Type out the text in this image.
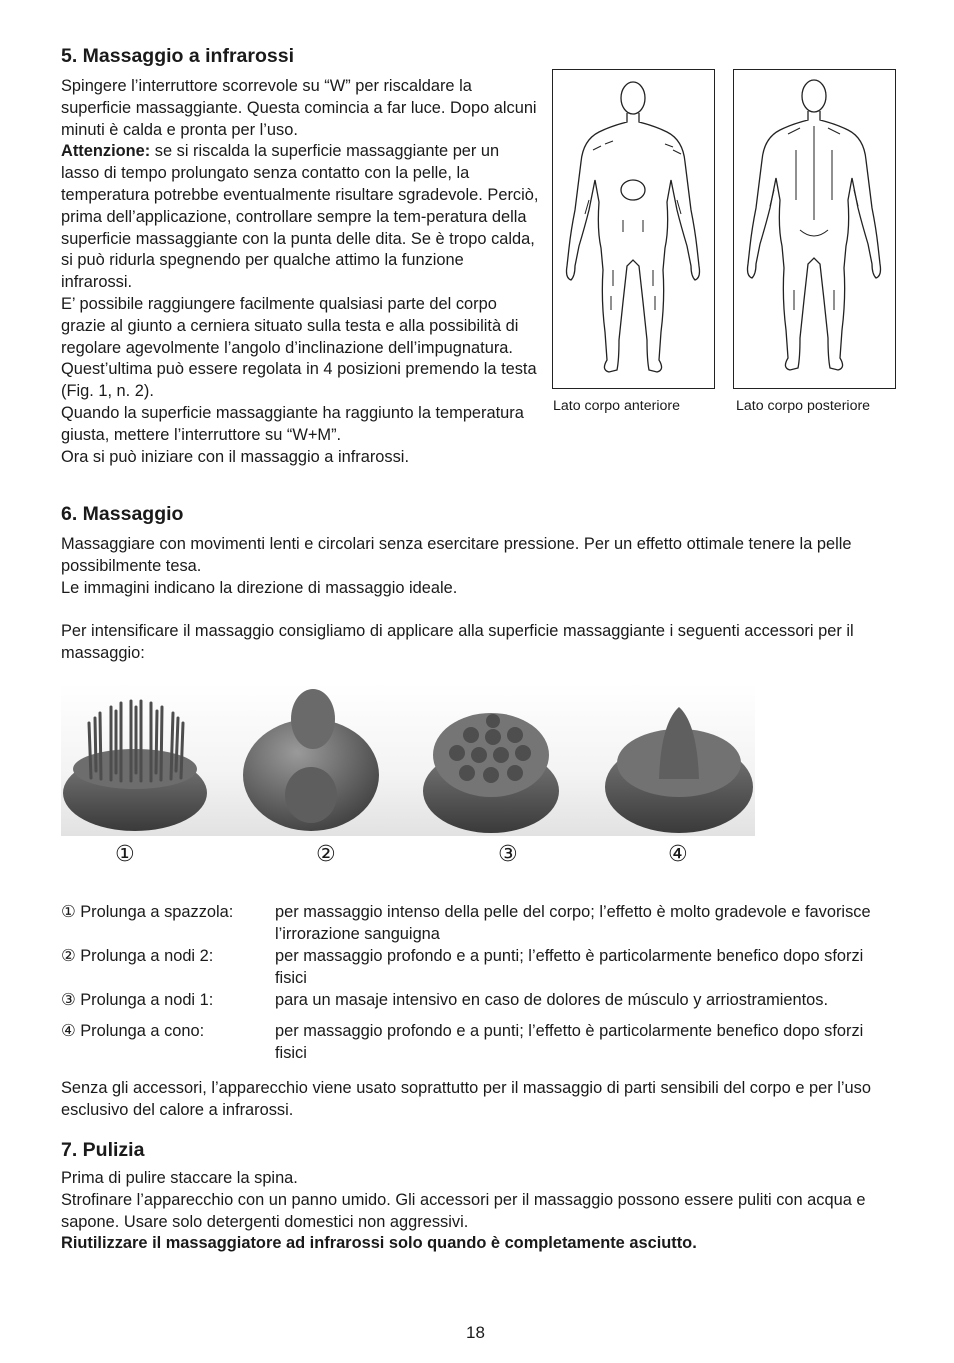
5. Massaggio a infrarossi

Spingere l’interruttore scorrevole su “W” per riscaldare la superficie massaggiante. Questa comincia a far luce. Dopo alcuni minuti è calda e pronta per l’uso.

Attenzione: se si riscalda la superficie massaggiante per un lasso di tempo prolungato senza contatto con la pelle, la temperatura potrebbe eventualmente risultare sgradevole. Perciò, prima dell’applicazione, controllare sempre la tem-peratura della superficie massaggiante con la punta delle dita. Se è tropo calda, si può ridurla spegnendo per qualche attimo la funzione infrarossi.

E’ possibile raggiungere facilmente qualsiasi parte del corpo grazie al giunto a cerniera situato sulla testa e alla possibilità di regolare agevolmente l’angolo d’inclinazione dell’impugnatura. Quest’ultima può essere regolata in 4 posizioni premendo la testa (Fig. 1, n. 2).

Quando la superficie massaggiante ha raggiunto la temperatura giusta, mettere l’interruttore su “W+M”.

Ora si può iniziare con il massaggio a infrarossi.

Lato corpo anteriore	Lato corpo posteriore
6. Massaggio

Massaggiare con movimenti lenti e circolari senza esercitare pressione. Per un effetto ottimale tenere la pelle possibilmente tesa.

Le immagini indicano la direzione di massaggio ideale.

Per intensificare il massaggio consigliamo di applicare alla superficie massaggiante i seguenti accessori per il massaggio:

①	②	③	④
① Prolunga a spazzola:	per massaggio intenso della pelle del corpo; l’effetto è molto gradevole e favorisce l’irrorazione sanguigna
② Prolunga a nodi 2:	per massaggio profondo e a punti; l’effetto è particolarmente benefico dopo sforzi fisici
③ Prolunga a nodi 1:	para un masaje intensivo en caso de dolores de músculo y arriostramientos.
④ Prolunga a cono:	per massaggio profondo e a punti; l’effetto è particolarmente benefico dopo sforzi fisici
Senza gli accessori, l’apparecchio viene usato soprattutto per il massaggio di parti sensibili del corpo e per l’uso esclusivo del calore a infrarossi.
7. Pulizia

Prima di pulire staccare la spina.

Strofinare l’apparecchio con un panno umido. Gli accessori per il massaggio possono essere puliti con acqua e sapone. Usare solo detergenti domestici non aggressivi.

Riutilizzare il massaggiatore ad infrarossi solo quando è completamente asciutto.

18
